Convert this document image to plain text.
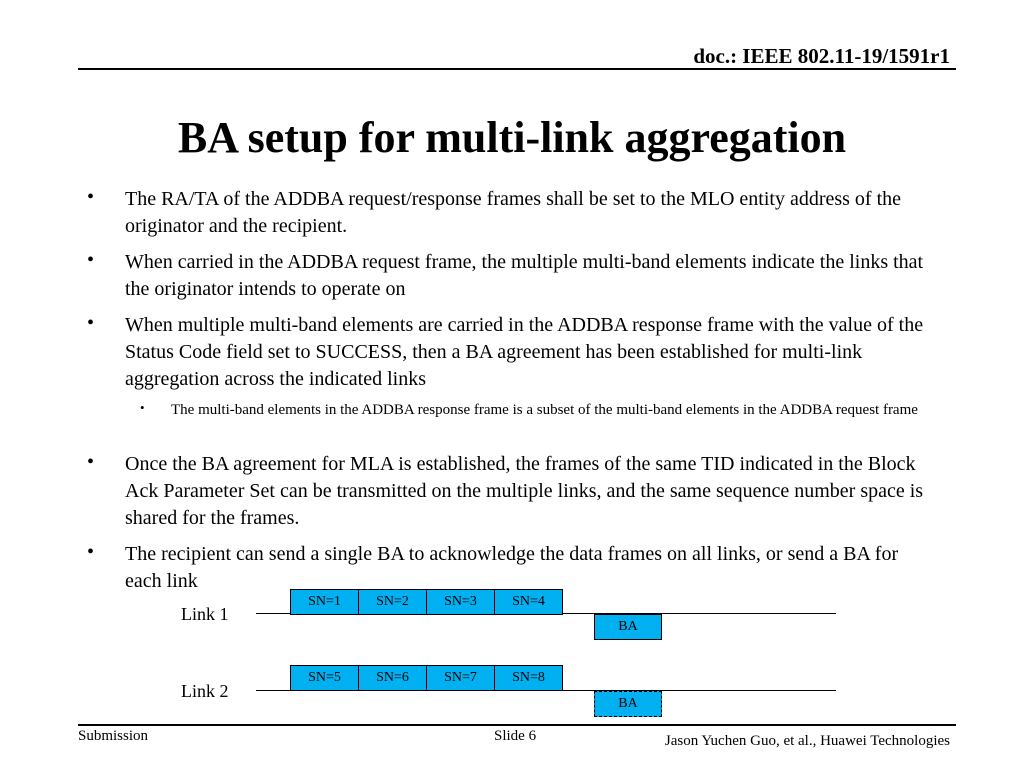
doc.: IEEE 802.11-19/1591r1
BA setup for multi-link aggregation
• The RA/TA of the ADDBA request/response frames shall be set to the MLO entity address of the originator and the recipient.
• When carried in the ADDBA request frame, the multiple multi-band elements indicate the links that the originator intends to operate on
• When multiple multi-band elements are carried in the ADDBA response frame with the value of the Status Code field set to SUCCESS, then a BA agreement has been established for multi-link aggregation across the indicated links
• The multi-band elements in the ADDBA response frame is a subset of the multi-band elements in the ADDBA request frame
• Once the BA agreement for MLA is established, the frames of the same TID indicated in the Block Ack Parameter Set can be transmitted on the multiple links, and the same sequence number space is shared for the frames.
• The recipient can send a single BA to acknowledge the data frames on all links, or send a BA for each link
Link 1
SN=1	SN=2	SN=3	SN=4
BA
Link 2
SN=5	SN=6	SN=7	SN=8
BA
Submission	Slide 6	Jason Yuchen Guo, et al., Huawei Technologies
